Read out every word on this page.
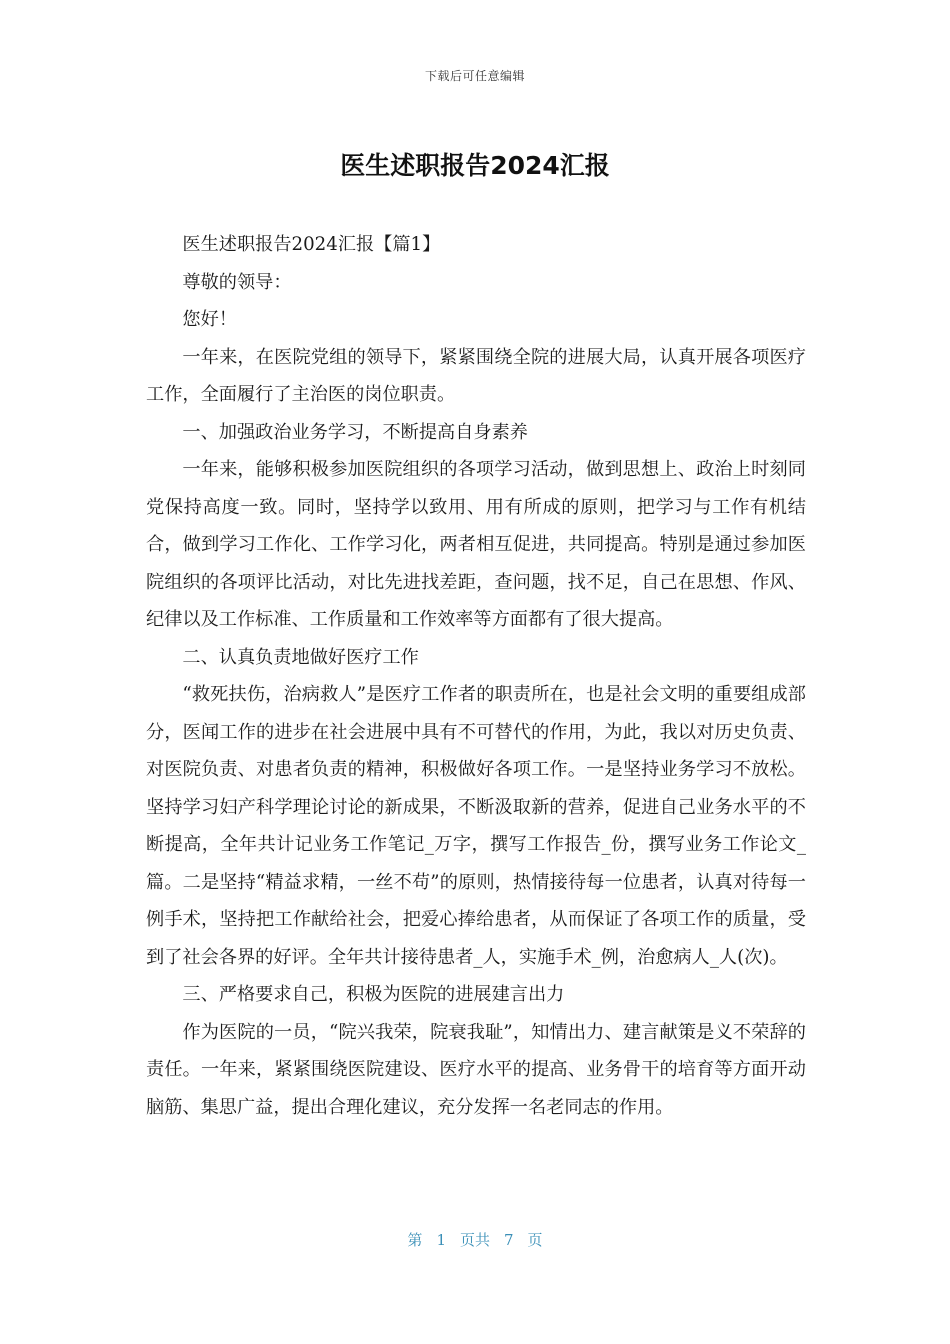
下载后可任意编辑
医生述职报告2024汇报

医生述职报告2024汇报【篇1】

尊敬的领导：

您好！

一年来，在医院党组的领导下，紧紧围绕全院的进展大局，认真开展各项医疗工作，全面履行了主治医的岗位职责。

一、加强政治业务学习，不断提高自身素养

一年来，能够积极参加医院组织的各项学习活动，做到思想上、政治上时刻同党保持高度一致。同时，坚持学以致用、用有所成的原则，把学习与工作有机结合，做到学习工作化、工作学习化，两者相互促进，共同提高。特别是通过参加医院组织的各项评比活动，对比先进找差距，查问题，找不足，自己在思想、作风、纪律以及工作标准、工作质量和工作效率等方面都有了很大提高。

二、认真负责地做好医疗工作

“救死扶伤，治病救人”是医疗工作者的职责所在，也是社会文明的重要组成部分，医闻工作的进步在社会进展中具有不可替代的作用，为此，我以对历史负责、对医院负责、对患者负责的精神，积极做好各项工作。一是坚持业务学习不放松。坚持学习妇产科学理论讨论的新成果，不断汲取新的营养，促进自己业务水平的不断提高，全年共计记业务工作笔记_万字，撰写工作报告_份，撰写业务工作论文_篇。二是坚持“精益求精，一丝不苟”的原则，热情接待每一位患者，认真对待每一例手术，坚持把工作献给社会，把爱心捧给患者，从而保证了各项工作的质量，受到了社会各界的好评。全年共计接待患者_人，实施手术_例，治愈病人_人(次)。

三、严格要求自己，积极为医院的进展建言出力

作为医院的一员，“院兴我荣，院衰我耻”，知情出力、建言献策是义不荣辞的责任。一年来，紧紧围绕医院建设、医疗水平的提高、业务骨干的培育等方面开动脑筋、集思广益，提出合理化建议，充分发挥一名老同志的作用。

第 1 页共 7 页
